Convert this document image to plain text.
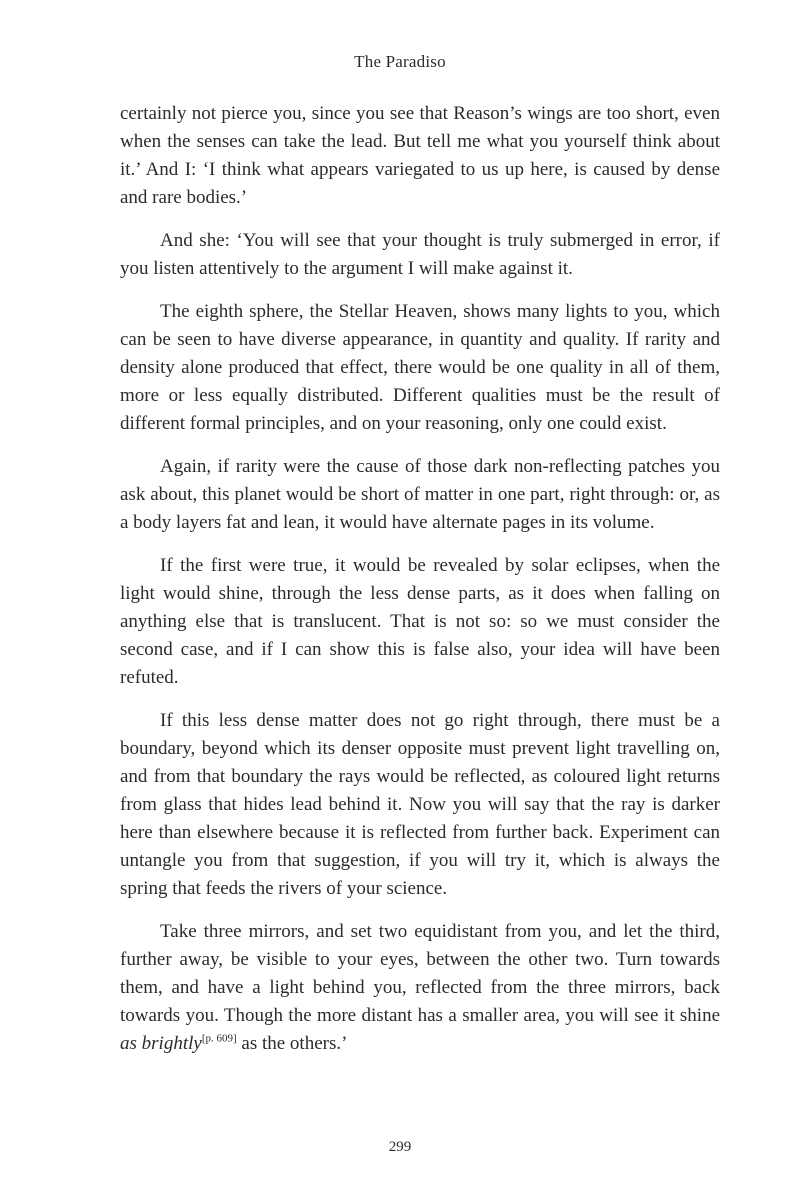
The Paradiso

certainly not pierce you, since you see that Reason’s wings are too short, even when the senses can take the lead. But tell me what you yourself think about it.’ And I: ‘I think what appears variegated to us up here, is caused by dense and rare bodies.’

And she: ‘You will see that your thought is truly submerged in error, if you listen attentively to the argument I will make against it.

The eighth sphere, the Stellar Heaven, shows many lights to you, which can be seen to have diverse appearance, in quantity and quality. If rarity and density alone produced that effect, there would be one quality in all of them, more or less equally distributed. Different qualities must be the result of different formal principles, and on your reasoning, only one could exist.

Again, if rarity were the cause of those dark non-reflecting patches you ask about, this planet would be short of matter in one part, right through: or, as a body layers fat and lean, it would have alternate pages in its volume.

If the first were true, it would be revealed by solar eclipses, when the light would shine, through the less dense parts, as it does when falling on anything else that is translucent. That is not so: so we must consider the second case, and if I can show this is false also, your idea will have been refuted.

If this less dense matter does not go right through, there must be a boundary, beyond which its denser opposite must prevent light travelling on, and from that boundary the rays would be reflected, as coloured light returns from glass that hides lead behind it. Now you will say that the ray is darker here than elsewhere because it is reflected from further back. Experiment can untangle you from that suggestion, if you will try it, which is always the spring that feeds the rivers of your science.

Take three mirrors, and set two equidistant from you, and let the third, further away, be visible to your eyes, between the other two. Turn towards them, and have a light behind you, reflected from the three mirrors, back towards you. Though the more distant has a smaller area, you will see it shine as brightly[p. 609] as the others.’

299
